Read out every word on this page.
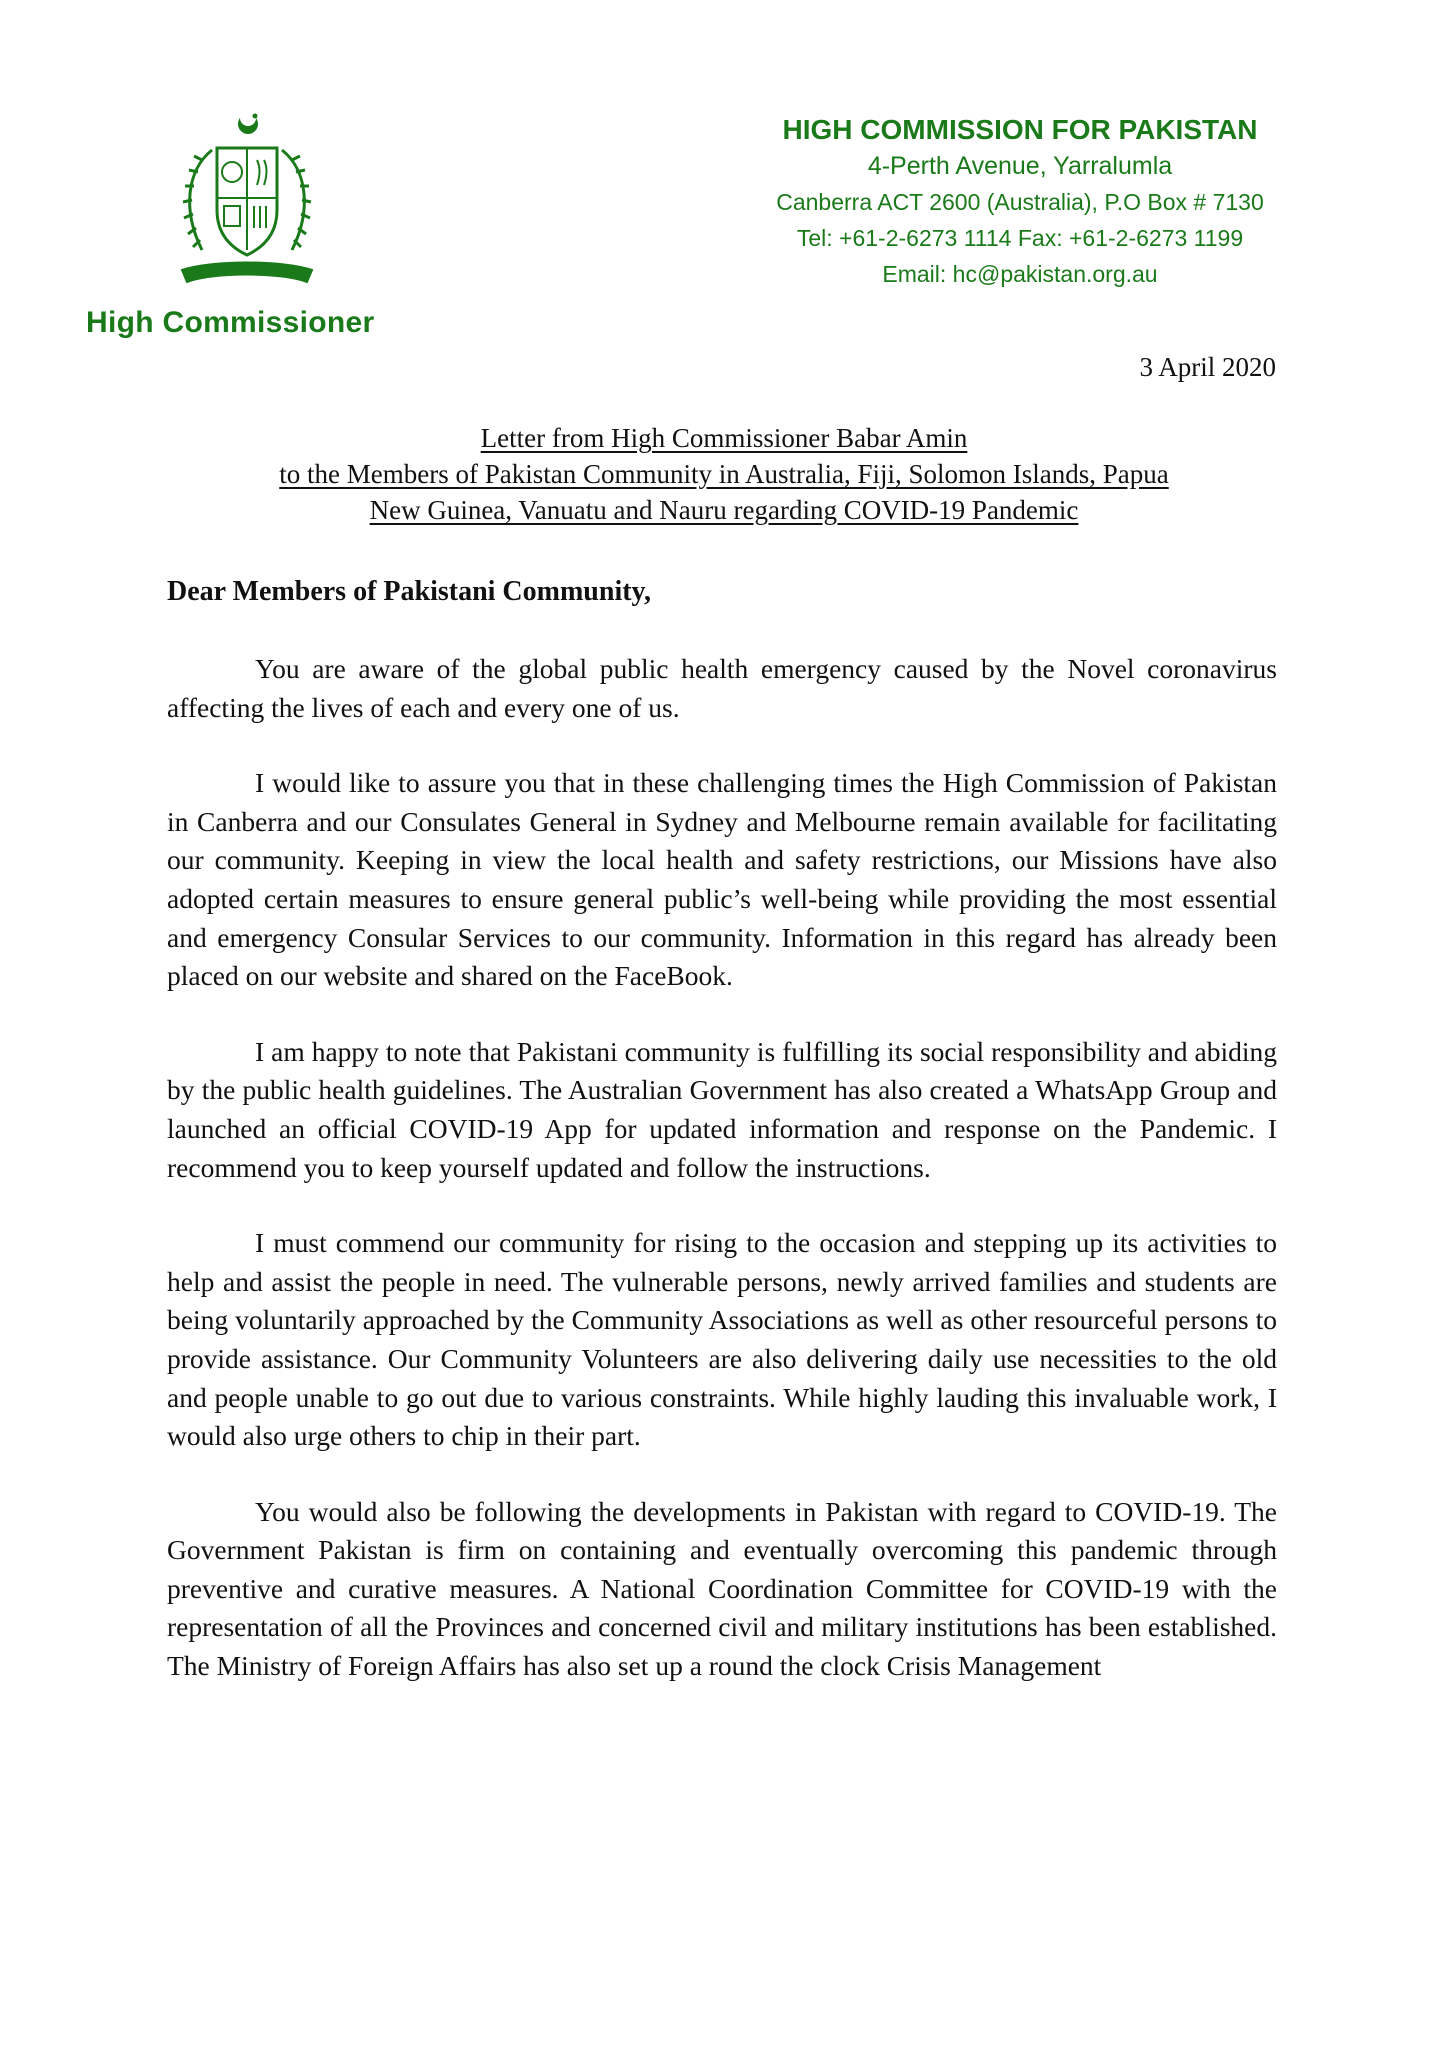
High Commissioner
HIGH COMMISSION FOR PAKISTAN
4-Perth Avenue, Yarralumla
Canberra ACT 2600 (Australia), P.O Box # 7130
Tel: +61-2-6273 1114 Fax: +61-2-6273 1199
Email: hc@pakistan.org.au
3 April 2020
Letter from High Commissioner Babar Amin
to the Members of Pakistan Community in Australia, Fiji, Solomon Islands, Papua
New Guinea, Vanuatu and Nauru regarding COVID-19 Pandemic
Dear Members of Pakistani Community,

You are aware of the global public health emergency caused by the Novel coronavirus affecting the lives of each and every one of us.

I would like to assure you that in these challenging times the High Commission of Pakistan in Canberra and our Consulates General in Sydney and Melbourne remain available for facilitating our community. Keeping in view the local health and safety restrictions, our Missions have also adopted certain measures to ensure general public’s well-being while providing the most essential and emergency Consular Services to our community. Information in this regard has already been placed on our website and shared on the FaceBook.

I am happy to note that Pakistani community is fulfilling its social responsibility and abiding by the public health guidelines. The Australian Government has also created a WhatsApp Group and launched an official COVID-19 App for updated information and response on the Pandemic. I recommend you to keep yourself updated and follow the instructions.

I must commend our community for rising to the occasion and stepping up its activities to help and assist the people in need. The vulnerable persons, newly arrived families and students are being voluntarily approached by the Community Associations as well as other resourceful persons to provide assistance. Our Community Volunteers are also delivering daily use necessities to the old and people unable to go out due to various constraints. While highly lauding this invaluable work, I would also urge others to chip in their part.

You would also be following the developments in Pakistan with regard to COVID-19. The Government Pakistan is firm on containing and eventually overcoming this pandemic through preventive and curative measures. A National Coordination Committee for COVID-19 with the representation of all the Provinces and concerned civil and military institutions has been established. The Ministry of Foreign Affairs has also set up a round the clock Crisis Management
